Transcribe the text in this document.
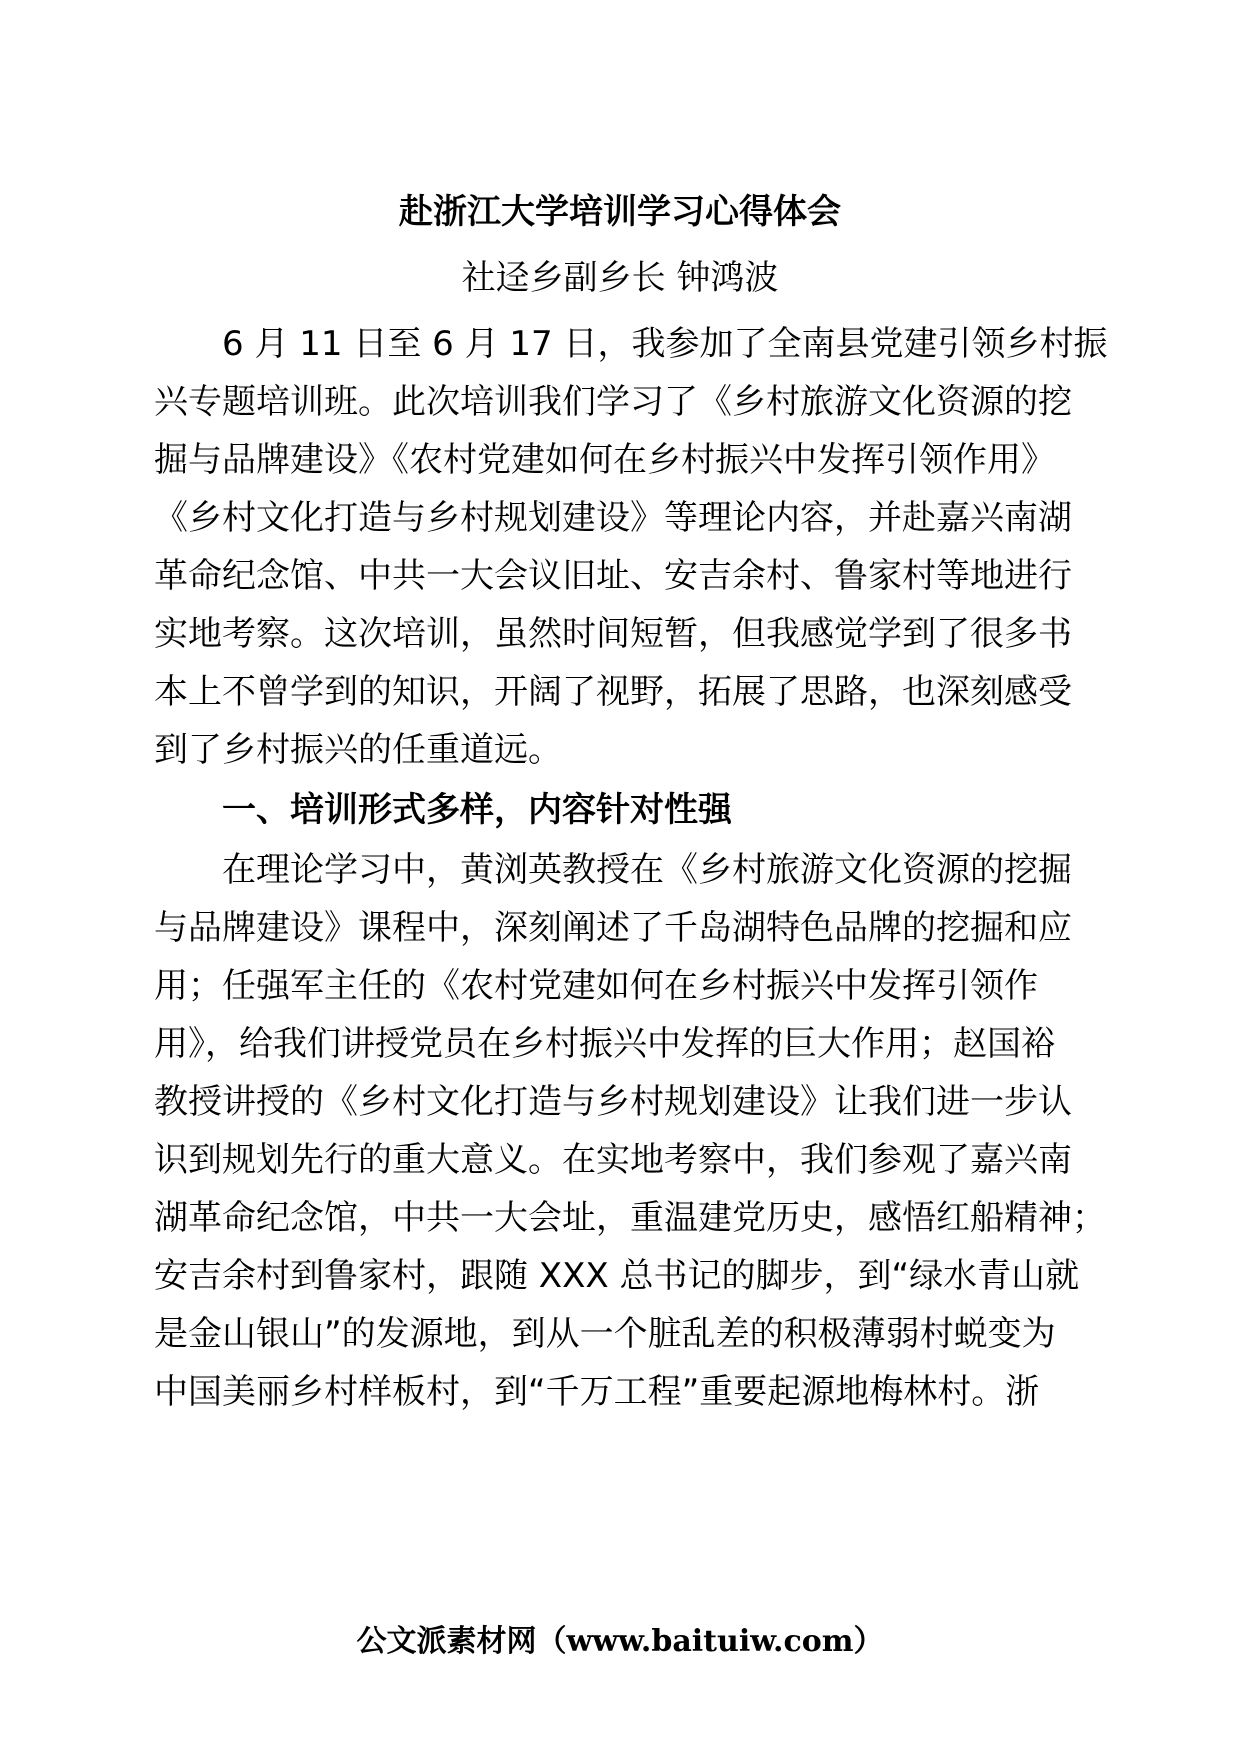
赴浙江大学培训学习心得体会
社迳乡副乡长 钟鸿波
　　6 月 11 日至 6 月 17 日，我参加了全南县党建引领乡村振
兴专题培训班。此次培训我们学习了《乡村旅游文化资源的挖
掘与品牌建设》《农村党建如何在乡村振兴中发挥引领作用》
《乡村文化打造与乡村规划建设》等理论内容，并赴嘉兴南湖
革命纪念馆、中共一大会议旧址、安吉余村、鲁家村等地进行
实地考察。这次培训，虽然时间短暂，但我感觉学到了很多书
本上不曾学到的知识，开阔了视野，拓展了思路，也深刻感受
到了乡村振兴的任重道远。
　　一、培训形式多样，内容针对性强
　　在理论学习中，黄浏英教授在《乡村旅游文化资源的挖掘
与品牌建设》课程中，深刻阐述了千岛湖特色品牌的挖掘和应
用；任强军主任的《农村党建如何在乡村振兴中发挥引领作
用》，给我们讲授党员在乡村振兴中发挥的巨大作用；赵国裕
教授讲授的《乡村文化打造与乡村规划建设》让我们进一步认
识到规划先行的重大意义。在实地考察中，我们参观了嘉兴南
湖革命纪念馆，中共一大会址，重温建党历史，感悟红船精神；
安吉余村到鲁家村，跟随 XXX 总书记的脚步，到“绿水青山就
是金山银山”的发源地，到从一个脏乱差的积极薄弱村蜕变为
中国美丽乡村样板村，到“千万工程”重要起源地梅林村。浙
公文派素材网（www.baituiw.com）
